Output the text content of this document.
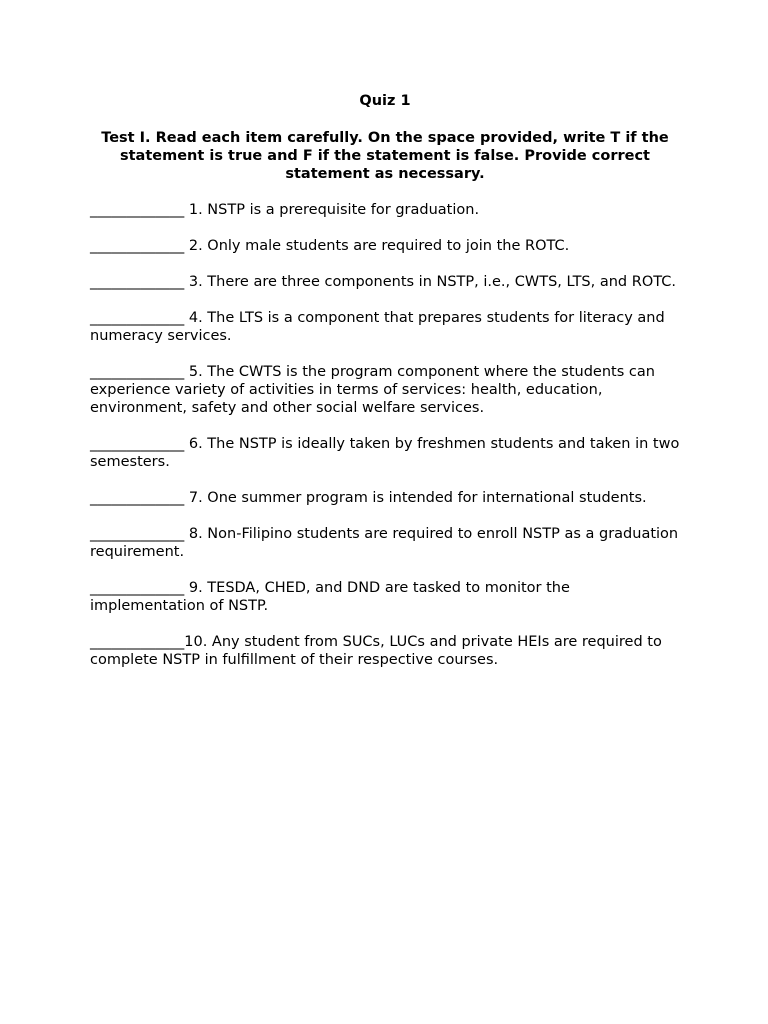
Quiz 1
Test I. Read each item carefully. On the space provided, write T if the statement is true and F if the statement is false. Provide correct statement as necessary.
_____________ 1. NSTP is a prerequisite for graduation.
_____________ 2. Only male students are required to join the ROTC.
_____________ 3. There are three components in NSTP, i.e., CWTS, LTS, and ROTC.
_____________ 4. The LTS is a component that prepares students for literacy and numeracy services.
_____________ 5. The CWTS is the program component where the students can experience variety of activities in terms of services: health, education, environment, safety and other social welfare services.
_____________ 6. The NSTP is ideally taken by freshmen students and taken in two semesters.
_____________ 7. One summer program is intended for international students.
_____________ 8. Non-Filipino students are required to enroll NSTP as a graduation requirement.
_____________ 9. TESDA, CHED, and DND are tasked to monitor the implementation of NSTP.
_____________10. Any student from SUCs, LUCs and private HEIs are required to complete NSTP in fulfillment of their respective courses.
